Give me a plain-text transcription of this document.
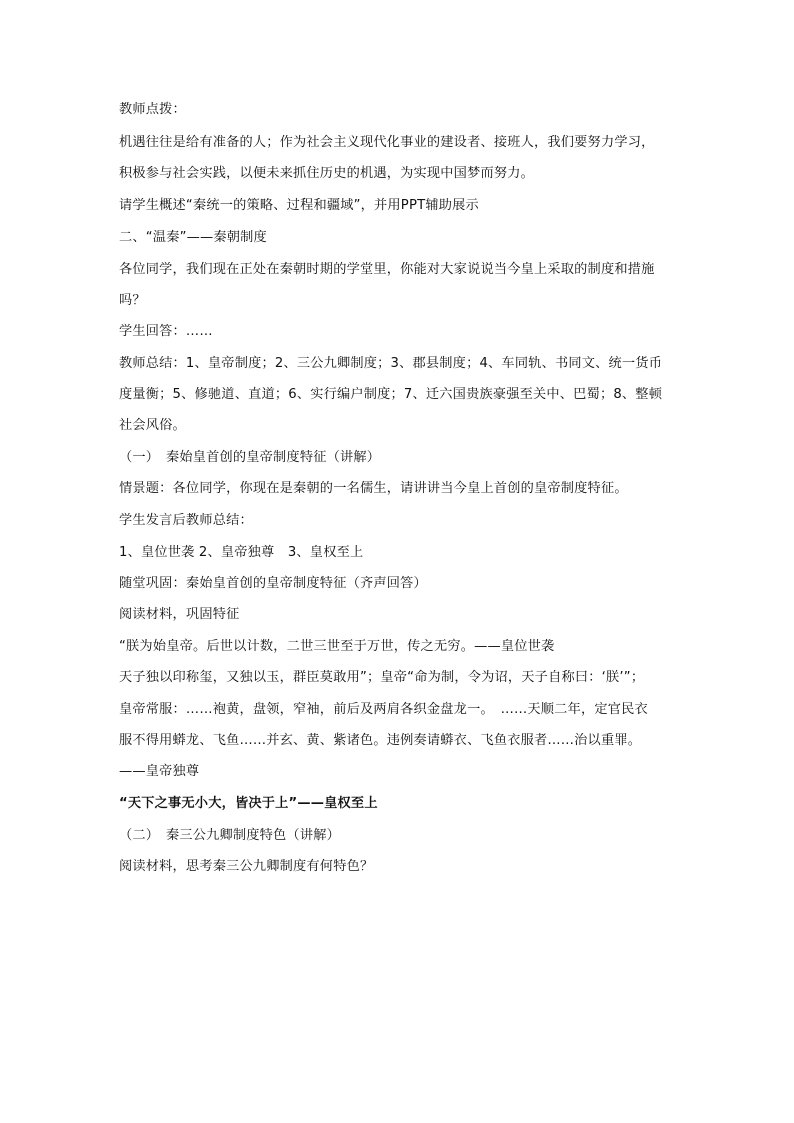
教师点拨：
机遇往往是给有准备的人；作为社会主义现代化事业的建设者、接班人，我们要努力学习，
积极参与社会实践，以便未来抓住历史的机遇，为实现中国梦而努力。
请学生概述“秦统一的策略、过程和疆域”，并用PPT辅助展示
二、“温秦”——秦朝制度
各位同学，我们现在正处在秦朝时期的学堂里，你能对大家说说当今皇上采取的制度和措施
吗？
学生回答：……
教师总结：1、皇帝制度；2、三公九卿制度；3、郡县制度；4、车同轨、书同文、统一货币
度量衡；5、修驰道、直道；6、实行编户制度；7、迁六国贵族豪强至关中、巴蜀；8、整顿
社会风俗。
（一）　秦始皇首创的皇帝制度特征（讲解）
情景题：各位同学，你现在是秦朝的一名儒生，请讲讲当今皇上首创的皇帝制度特征。
学生发言后教师总结：
1、皇位世袭 2、皇帝独尊　3、皇权至上
随堂巩固：秦始皇首创的皇帝制度特征（齐声回答）
阅读材料，巩固特征
“朕为始皇帝。后世以计数，二世三世至于万世，传之无穷。——皇位世袭
天子独以印称玺，又独以玉，群臣莫敢用”；皇帝“命为制，令为诏，天子自称曰：‘朕’”；
皇帝常服：……袍黄，盘领，窄袖，前后及两肩各织金盘龙一。　……天顺二年，定官民衣
服不得用蟒龙、飞鱼……并玄、黄、紫诸色。违例奏请蟒衣、飞鱼衣服者……治以重罪。
——皇帝独尊
“天下之事无小大，皆决于上”——皇权至上
（二）　秦三公九卿制度特色（讲解）
阅读材料，思考秦三公九卿制度有何特色？
